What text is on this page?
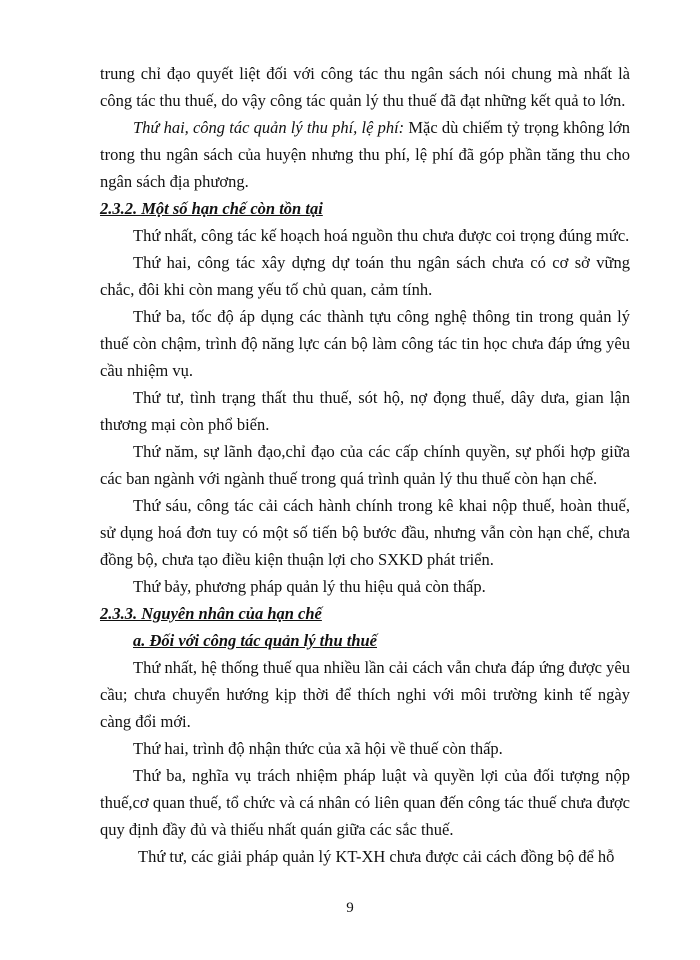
trung chỉ đạo quyết liệt đối với công tác thu ngân sách nói chung mà nhất là công tác thu thuế, do vậy công tác quản lý thu thuế đã đạt những kết quả to lớn.

Thứ hai, công tác quản lý thu phí, lệ phí: Mặc dù chiếm tỷ trọng không lớn trong thu ngân sách của huyện nhưng thu phí, lệ phí đã góp phần tăng thu cho ngân sách địa phương.

2.3.2. Một số hạn chế còn tồn tại

Thứ nhất, công tác kế hoạch hoá nguồn thu chưa được coi trọng đúng mức.

Thứ hai, công tác xây dựng dự toán thu ngân sách chưa có cơ sở vững chắc, đôi khi còn mang yếu tố chủ quan, cảm tính.

Thứ ba, tốc độ áp dụng các thành tựu công nghệ thông tin trong quản lý thuế còn chậm, trình độ năng lực cán bộ làm công tác tin học chưa đáp ứng yêu cầu nhiệm vụ.

Thứ tư, tình trạng thất thu thuế, sót hộ, nợ đọng thuế, dây dưa, gian lận thương mại còn phổ biến.

Thứ năm, sự lãnh đạo,chỉ đạo của các cấp chính quyền, sự phối hợp giữa các ban ngành với ngành thuế trong quá trình quản lý thu thuế còn hạn chế.

Thứ sáu, công tác cải cách hành chính trong kê khai nộp thuế, hoàn thuế, sử dụng hoá đơn tuy có một số tiến bộ bước đầu, nhưng vẫn còn hạn chế, chưa đồng bộ, chưa tạo điều kiện thuận lợi cho SXKD phát triển.

Thứ bảy, phương pháp quản lý thu hiệu quả còn thấp.

2.3.3. Nguyên nhân của hạn chế
a. Đối với công tác quản lý thu thuế

Thứ nhất, hệ thống thuế qua nhiều lần cải cách vẫn chưa đáp ứng được yêu cầu; chưa chuyển hướng kịp thời để thích nghi với môi trường kinh tế ngày càng đổi mới.

Thứ hai, trình độ nhận thức của xã hội về thuế còn thấp.

Thứ ba, nghĩa vụ trách nhiệm pháp luật và quyền lợi của đối tượng nộp thuế,cơ quan thuế, tổ chức và cá nhân có liên quan đến công tác thuế chưa được quy định đầy đủ và thiếu nhất quán giữa các sắc thuế.

Thứ tư, các giải pháp quản lý KT-XH chưa được cải cách đồng bộ để hỗ

9
